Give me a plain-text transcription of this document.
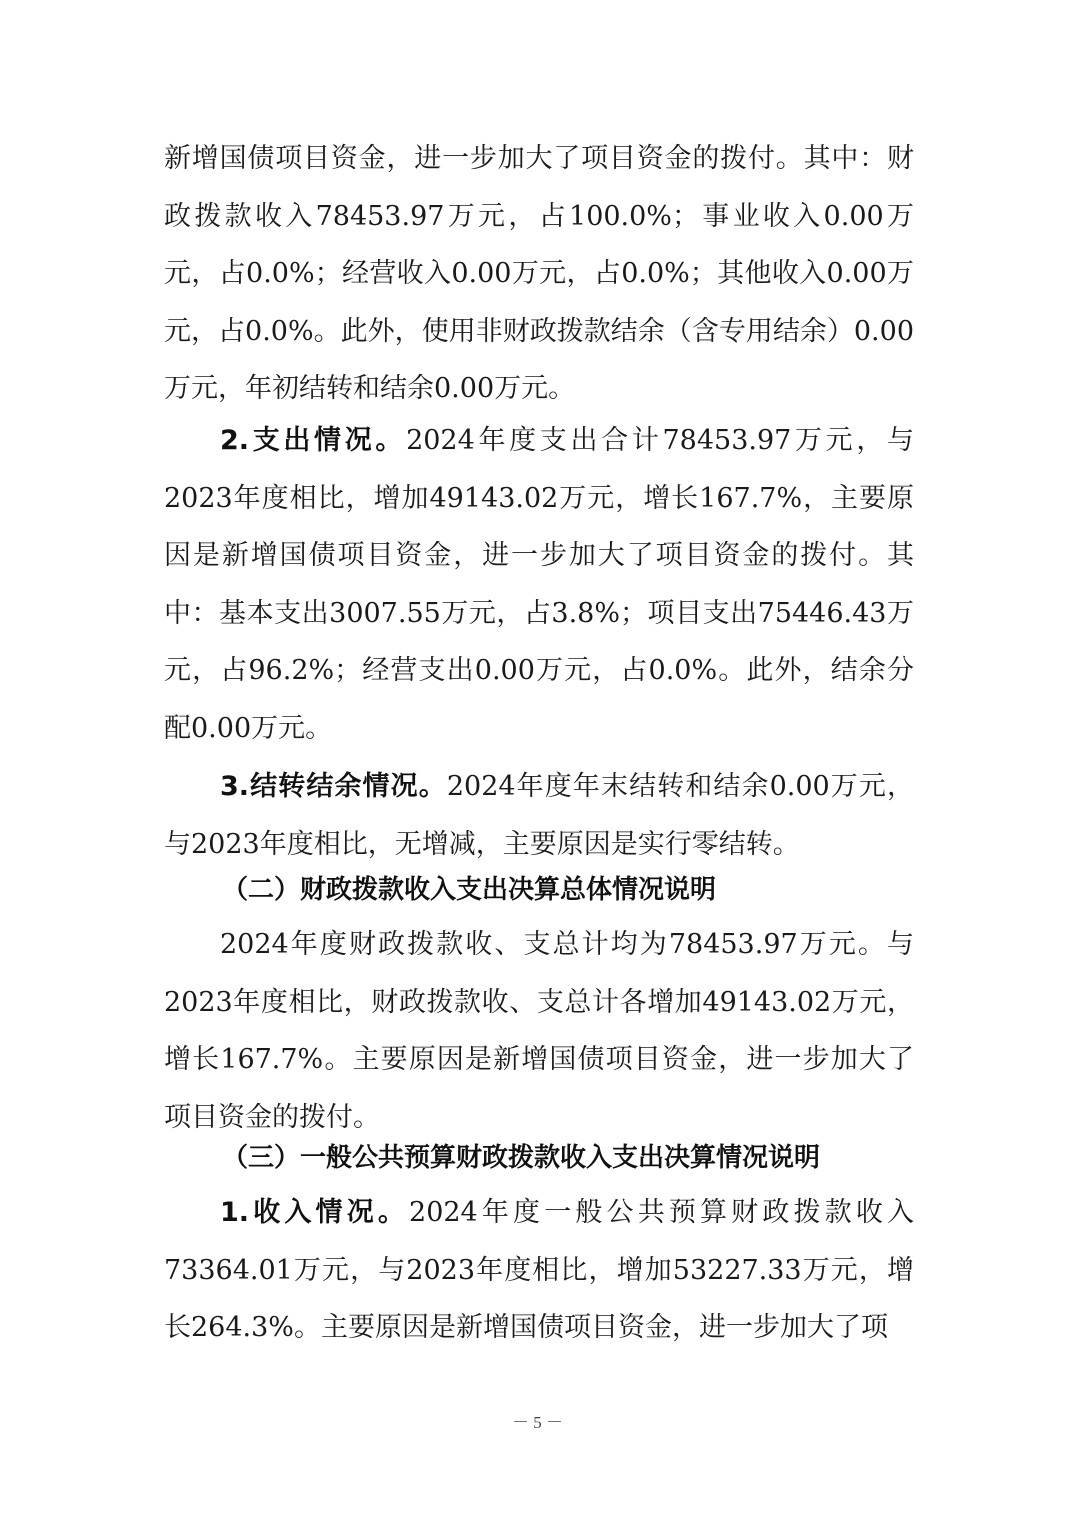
新增国债项目资金，进一步加大了项目资金的拨付。其中：财政拨款收入78453.97万元，占100.0%；事业收入0.00万元，占0.0%；经营收入0.00万元，占0.0%；其他收入0.00万元，占0.0%。此外，使用非财政拨款结余（含专用结余）0.00万元，年初结转和结余0.00万元。

2.支出情况。2024年度支出合计78453.97万元，与2023年度相比，增加49143.02万元，增长167.7%，主要原因是新增国债项目资金，进一步加大了项目资金的拨付。其中：基本支出3007.55万元，占3.8%；项目支出75446.43万元，占96.2%；经营支出0.00万元，占0.0%。此外，结余分配0.00万元。

3.结转结余情况。2024年度年末结转和结余0.00万元，与2023年度相比，无增减，主要原因是实行零结转。

（二）财政拨款收入支出决算总体情况说明

2024年度财政拨款收、支总计均为78453.97万元。与2023年度相比，财政拨款收、支总计各增加49143.02万元，增长167.7%。主要原因是新增国债项目资金，进一步加大了项目资金的拨付。

（三）一般公共预算财政拨款收入支出决算情况说明

1.收入情况。2024年度一般公共预算财政拨款收入73364.01万元，与2023年度相比，增加53227.33万元，增长264.3%。主要原因是新增国债项目资金，进一步加大了项

－ 5 －
